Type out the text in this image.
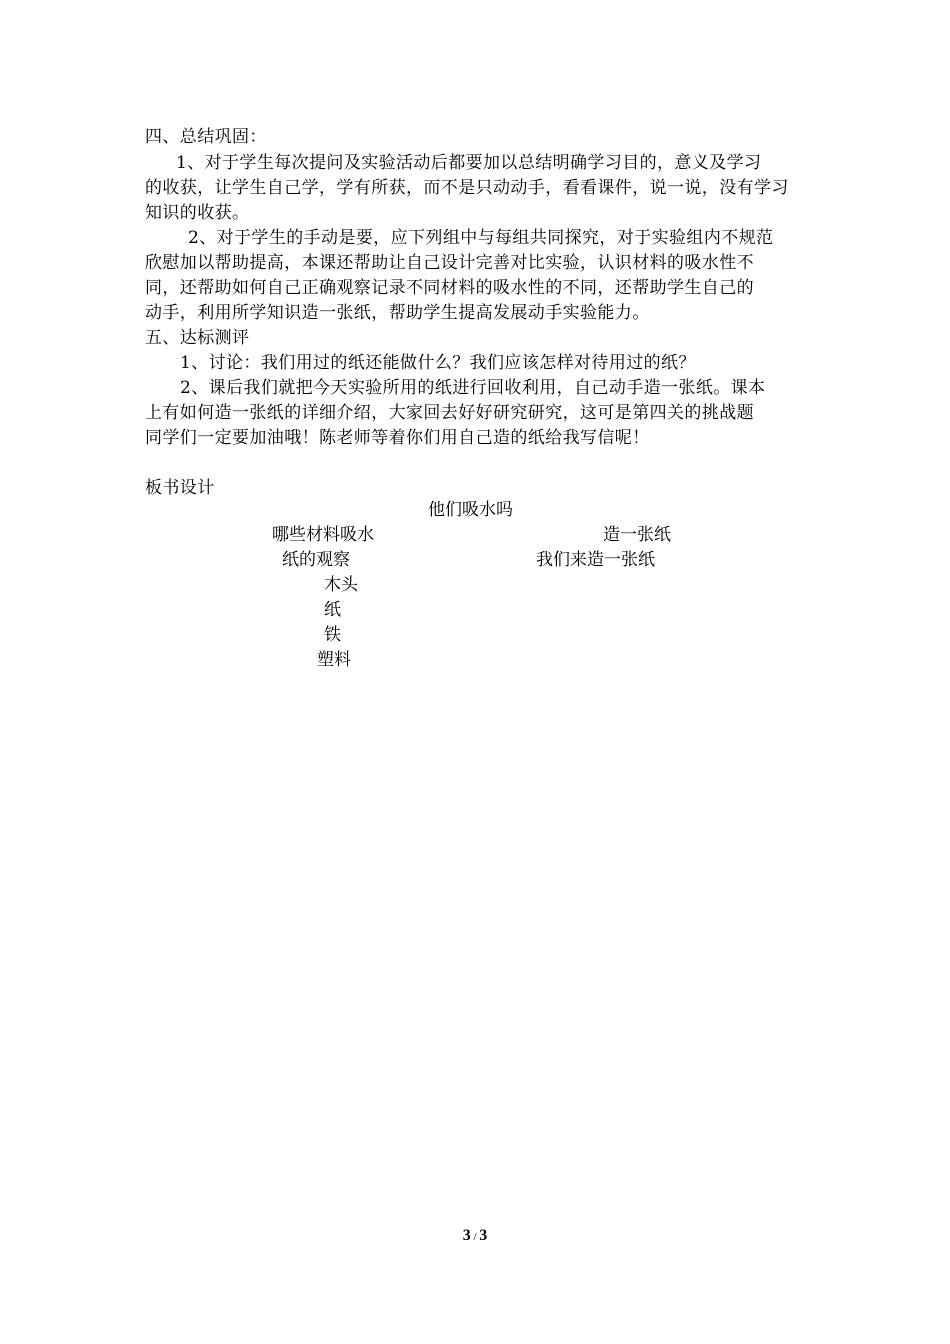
四、总结巩固：
1、对于学生每次提问及实验活动后都要加以总结明确学习目的，意义及学习
的收获，让学生自己学，学有所获，而不是只动动手，看看课件，说一说，没有学习
知识的收获。
2、对于学生的手动是要，应下列组中与每组共同探究，对于实验组内不规范
欣慰加以帮助提高，本课还帮助让自己设计完善对比实验，认识材料的吸水性不
同，还帮助如何自己正确观察记录不同材料的吸水性的不同，还帮助学生自己的
动手，利用所学知识造一张纸，帮助学生提高发展动手实验能力。
五、达标测评
1、讨论：我们用过的纸还能做什么？我们应该怎样对待用过的纸？
2、课后我们就把今天实验所用的纸进行回收利用，自己动手造一张纸。课本
上有如何造一张纸的详细介绍，大家回去好好研究研究，这可是第四关的挑战题
同学们一定要加油哦！陈老师等着你们用自己造的纸给我写信呢！
板书设计
他们吸水吗
哪些材料吸水	造一张纸
纸的观察	我们来造一张纸
木头
纸
铁
塑料
3 / 3
